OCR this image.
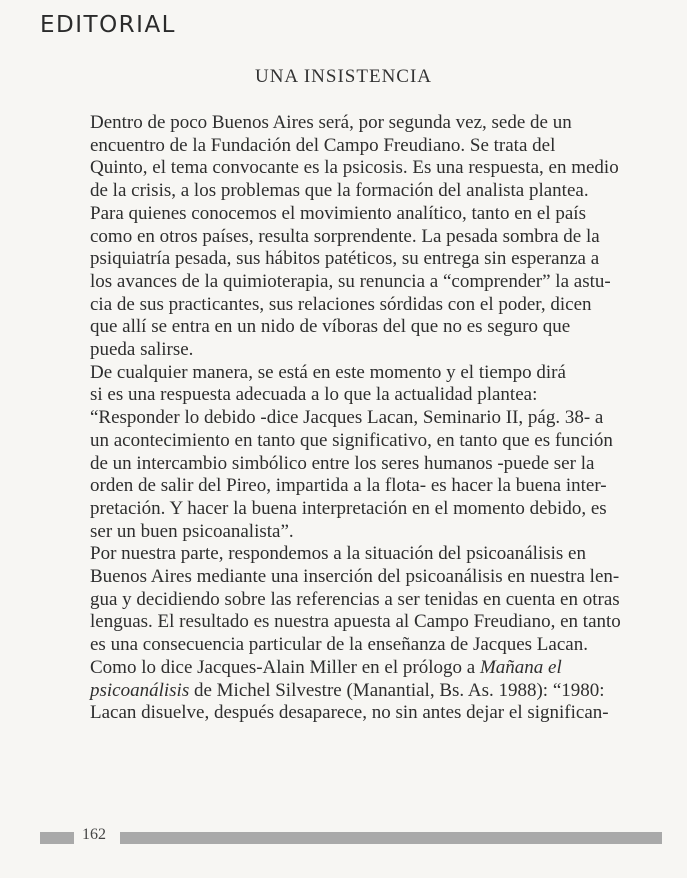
EDITORIAL
UNA INSISTENCIA

Dentro de poco Buenos Aires será, por segunda vez, sede de un
encuentro de la Fundación del Campo Freudiano. Se trata del
Quinto, el tema convocante es la psicosis. Es una respuesta, en medio
de la crisis, a los problemas que la formación del analista plantea.
Para quienes conocemos el movimiento analítico, tanto en el país
como en otros países, resulta sorprendente. La pesada sombra de la
psiquiatría pesada, sus hábitos patéticos, su entrega sin esperanza a
los avances de la quimioterapia, su renuncia a “comprender” la astu-
cia de sus practicantes, sus relaciones sórdidas con el poder, dicen
que allí se entra en un nido de víboras del que no es seguro que
pueda salirse.

De cualquier manera, se está en este momento y el tiempo dirá
si es una respuesta adecuada a lo que la actualidad plantea:
“Responder lo debido -dice Jacques Lacan, Seminario II, pág. 38- a
un acontecimiento en tanto que significativo, en tanto que es función
de un intercambio simbólico entre los seres humanos -puede ser la
orden de salir del Pireo, impartida a la flota- es hacer la buena inter-
pretación. Y hacer la buena interpretación en el momento debido, es
ser un buen psicoanalista”.

Por nuestra parte, respondemos a la situación del psicoanálisis en
Buenos Aires mediante una inserción del psicoanálisis en nuestra len-
gua y decidiendo sobre las referencias a ser tenidas en cuenta en otras
lenguas. El resultado es nuestra apuesta al Campo Freudiano, en tanto
es una consecuencia particular de la enseñanza de Jacques Lacan.

Como lo dice Jacques-Alain Miller en el prólogo a Mañana el
psicoanálisis de Michel Silvestre (Manantial, Bs. As. 1988): “1980:
Lacan disuelve, después desaparece, no sin antes dejar el significan-

162
